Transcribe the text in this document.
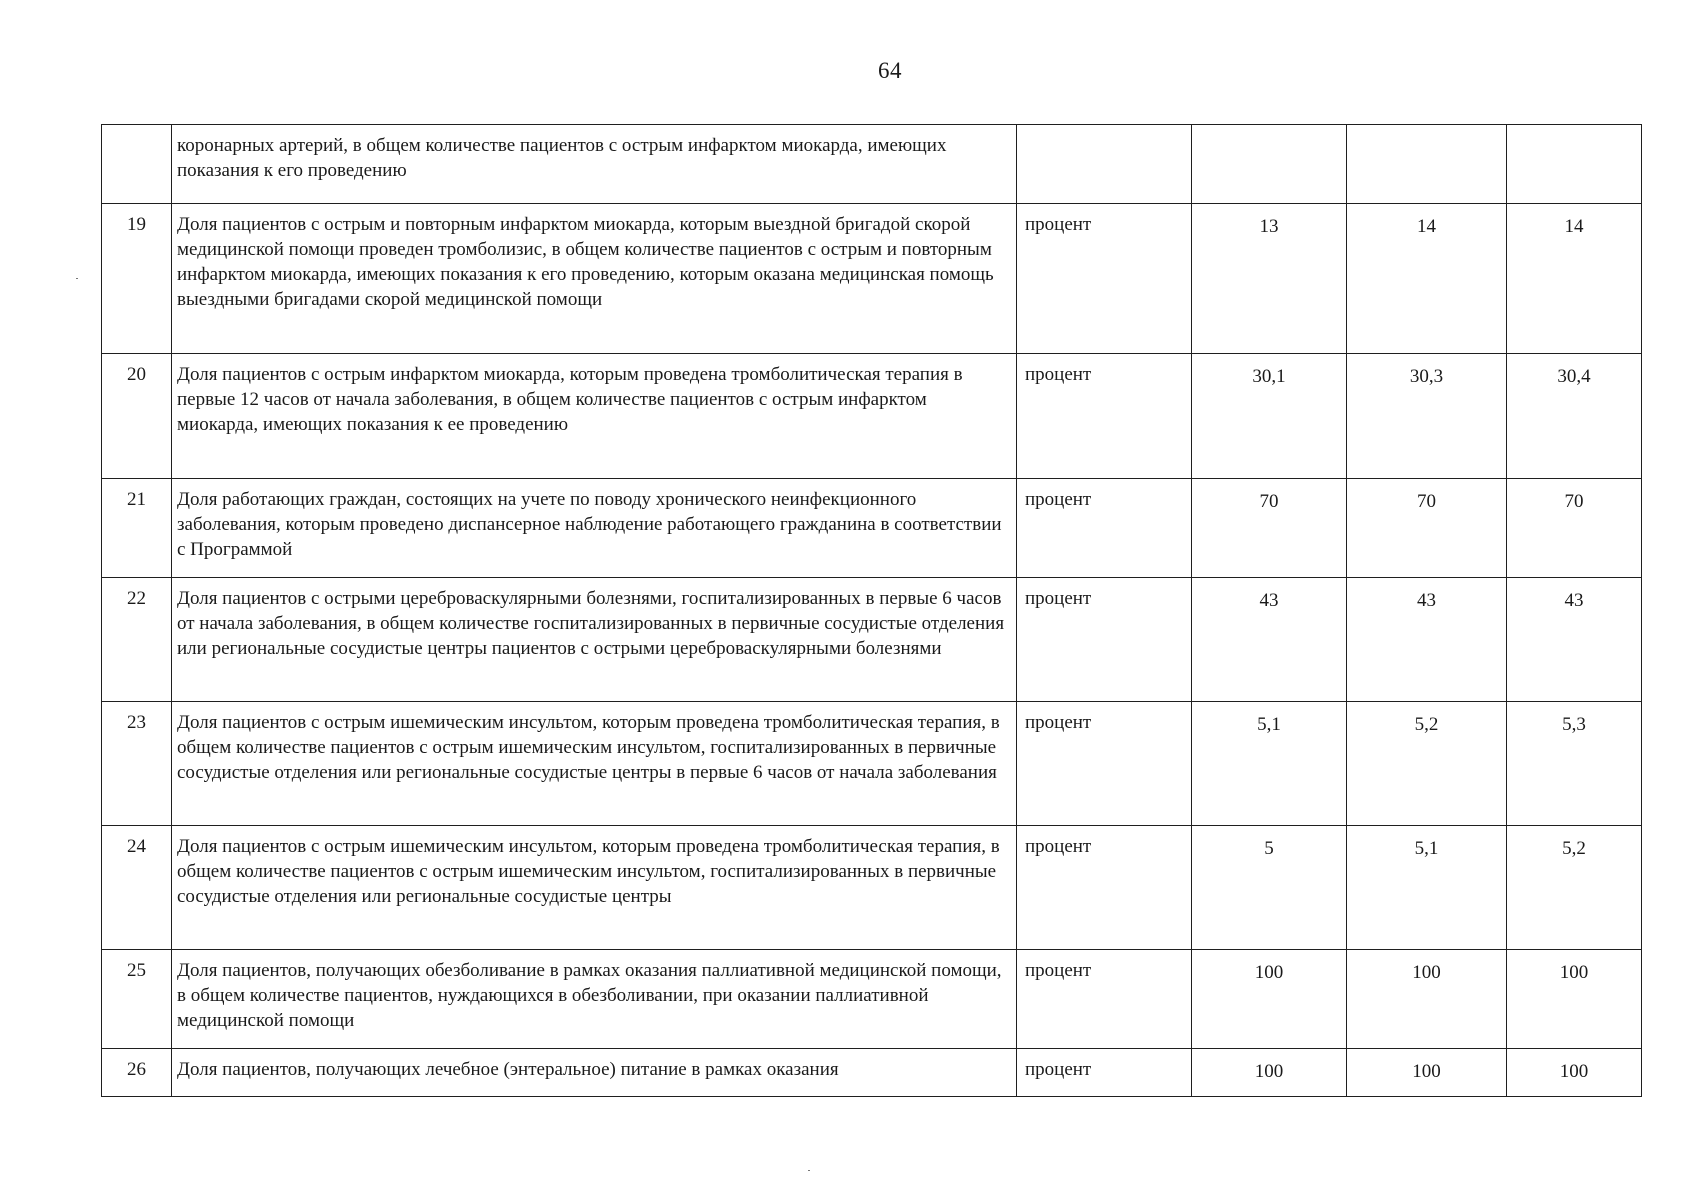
64
	коронарных артерий, в общем количестве пациентов с острым инфарктом миокарда, имеющих показания к его проведению				
19	Доля пациентов с острым и повторным инфарктом миокарда, которым выездной бригадой скорой медицинской помощи проведен тромболизис, в общем количестве пациентов с острым и повторным инфарктом миокарда, имеющих показания к его проведению, которым оказана медицинская помощь выездными бригадами скорой медицинской помощи	процент	13	14	14
20	Доля пациентов с острым инфарктом миокарда, которым проведена тромболитическая терапия в первые 12 часов от начала заболевания, в общем количестве пациентов с острым инфарктом миокарда, имеющих показания к ее проведению	процент	30,1	30,3	30,4
21	Доля работающих граждан, состоящих на учете по поводу хронического неинфекционного заболевания, которым проведено диспансерное наблюдение работающего гражданина в соответствии с Программой	процент	70	70	70
22	Доля пациентов с острыми цереброваскулярными болезнями, госпитализированных в первые 6 часов от начала заболевания, в общем количестве госпитализированных в первичные сосудистые отделения или региональные сосудистые центры пациентов с острыми цереброваскулярными болезнями	процент	43	43	43
23	Доля пациентов с острым ишемическим инсультом, которым проведена тромболитическая терапия, в общем количестве пациентов с острым ишемическим инсультом, госпитализированных в первичные сосудистые отделения или региональные сосудистые центры в первые 6 часов от начала заболевания	процент	5,1	5,2	5,3
24	Доля пациентов с острым ишемическим инсультом, которым проведена тромболитическая терапия, в общем количестве пациентов с острым ишемическим инсультом, госпитализированных в первичные сосудистые отделения или региональные сосудистые центры	процент	5	5,1	5,2
25	Доля пациентов, получающих обезболивание в рамках оказания паллиативной медицинской помощи, в общем количестве пациентов, нуждающихся в обезболивании, при оказании паллиативной медицинской помощи	процент	100	100	100
26	Доля пациентов, получающих лечебное (энтеральное) питание в рамках оказания	процент	100	100	100
